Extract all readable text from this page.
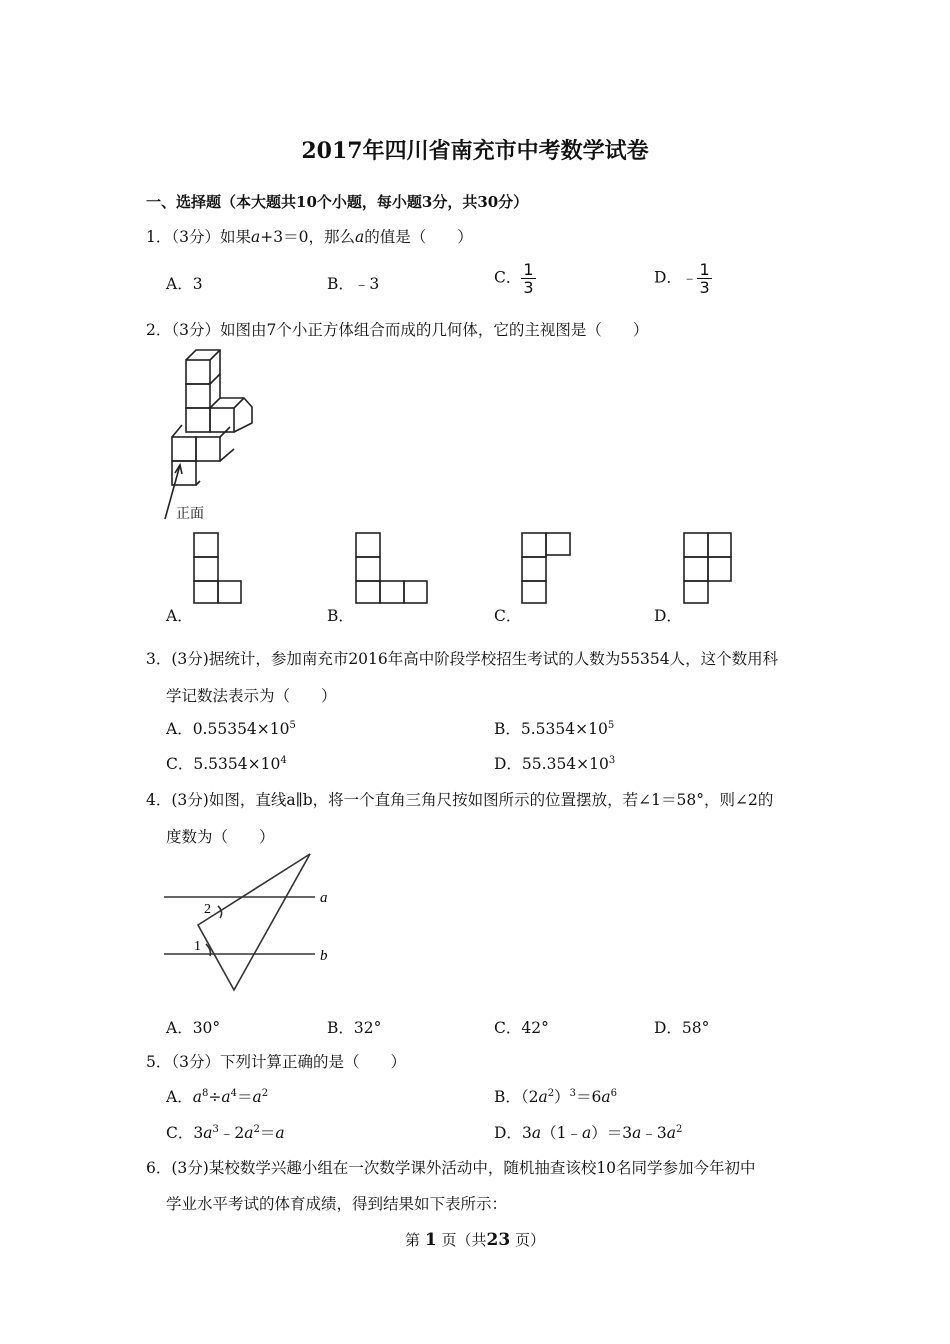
2017年四川省南充市中考数学试卷
一、选择题（本大题共10个小题，每小题3分，共30分）
1．（3分）如果a+3＝0，那么a的值是（　　）
A．3	B．﹣3	C． $\frac{1}{3}$	D．﹣ $\frac{1}{3}$
2．（3分）如图由7个小正方体组合而成的几何体，它的主视图是（　　）
正面
A．	B．	C．	D．
3．(3分)据统计，参加南充市2016年高中阶段学校招生考试的人数为55354人，这个数用科
学记数法表示为（　　）
A．$0.55354\times 10^5$	B．$5.5354\times 10^5$
C．$5.5354\times 10^4$	D．$55.354\times 10^3$
4．(3分)如图，直线a∥b，将一个直角三角尺按如图所示的位置摆放，若∠1＝58°，则∠2的
度数为（　　）
a
b
2
1
A．30°	B．32°	C．42°	D．58°
5．（3分）下列计算正确的是（　　）
A．$a^8\div a^4=a^2$	B．$(2a^2)^3=6a^6$
C．$3a^3﹣2a^2=a$	D．$3a(1﹣a)=3a﹣3a^2$
6．(3分)某校数学兴趣小组在一次数学课外活动中，随机抽查该校10名同学参加今年初中
学业水平考试的体育成绩，得到结果如下表所示：
第 1 页（共23 页）
